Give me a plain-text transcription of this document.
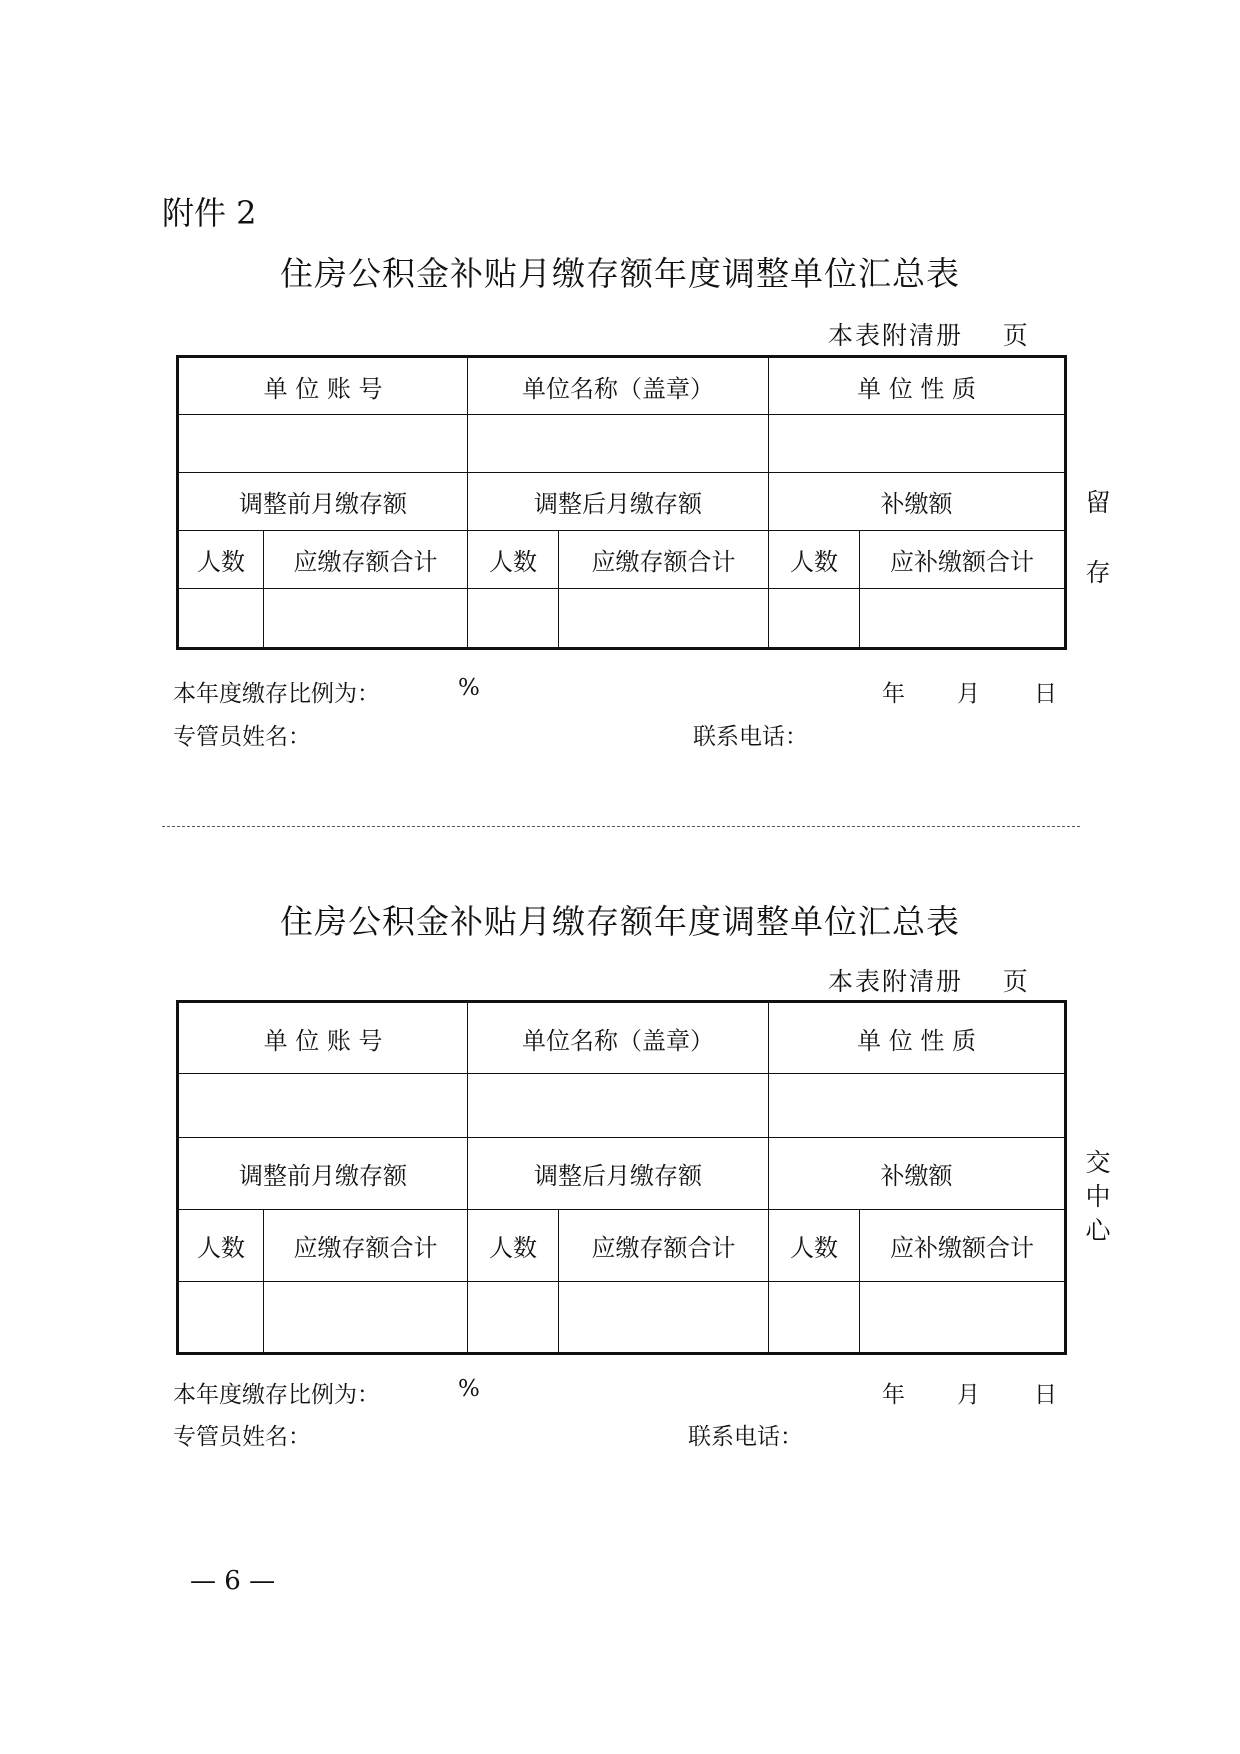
附件 2
住房公积金补贴月缴存额年度调整单位汇总表
本表附清册    页
单 位 账 号		单位名称（盖章）		单 位 性 质	

调整前月缴存额		调整后月缴存额		补缴额	
人数	应缴存额合计	人数	应缴存额合计	人数	应补缴额合计

留
存
本年度缴存比例为：	%	年 月 日
专管员姓名：	联系电话：
住房公积金补贴月缴存额年度调整单位汇总表
本表附清册    页
单 位 账 号		单位名称（盖章）		单 位 性 质	

调整前月缴存额		调整后月缴存额		补缴额	
人数	应缴存额合计	人数	应缴存额合计	人数	应补缴额合计

交
中
心
本年度缴存比例为：	%	年 月 日
专管员姓名：	联系电话：
— 6 —
